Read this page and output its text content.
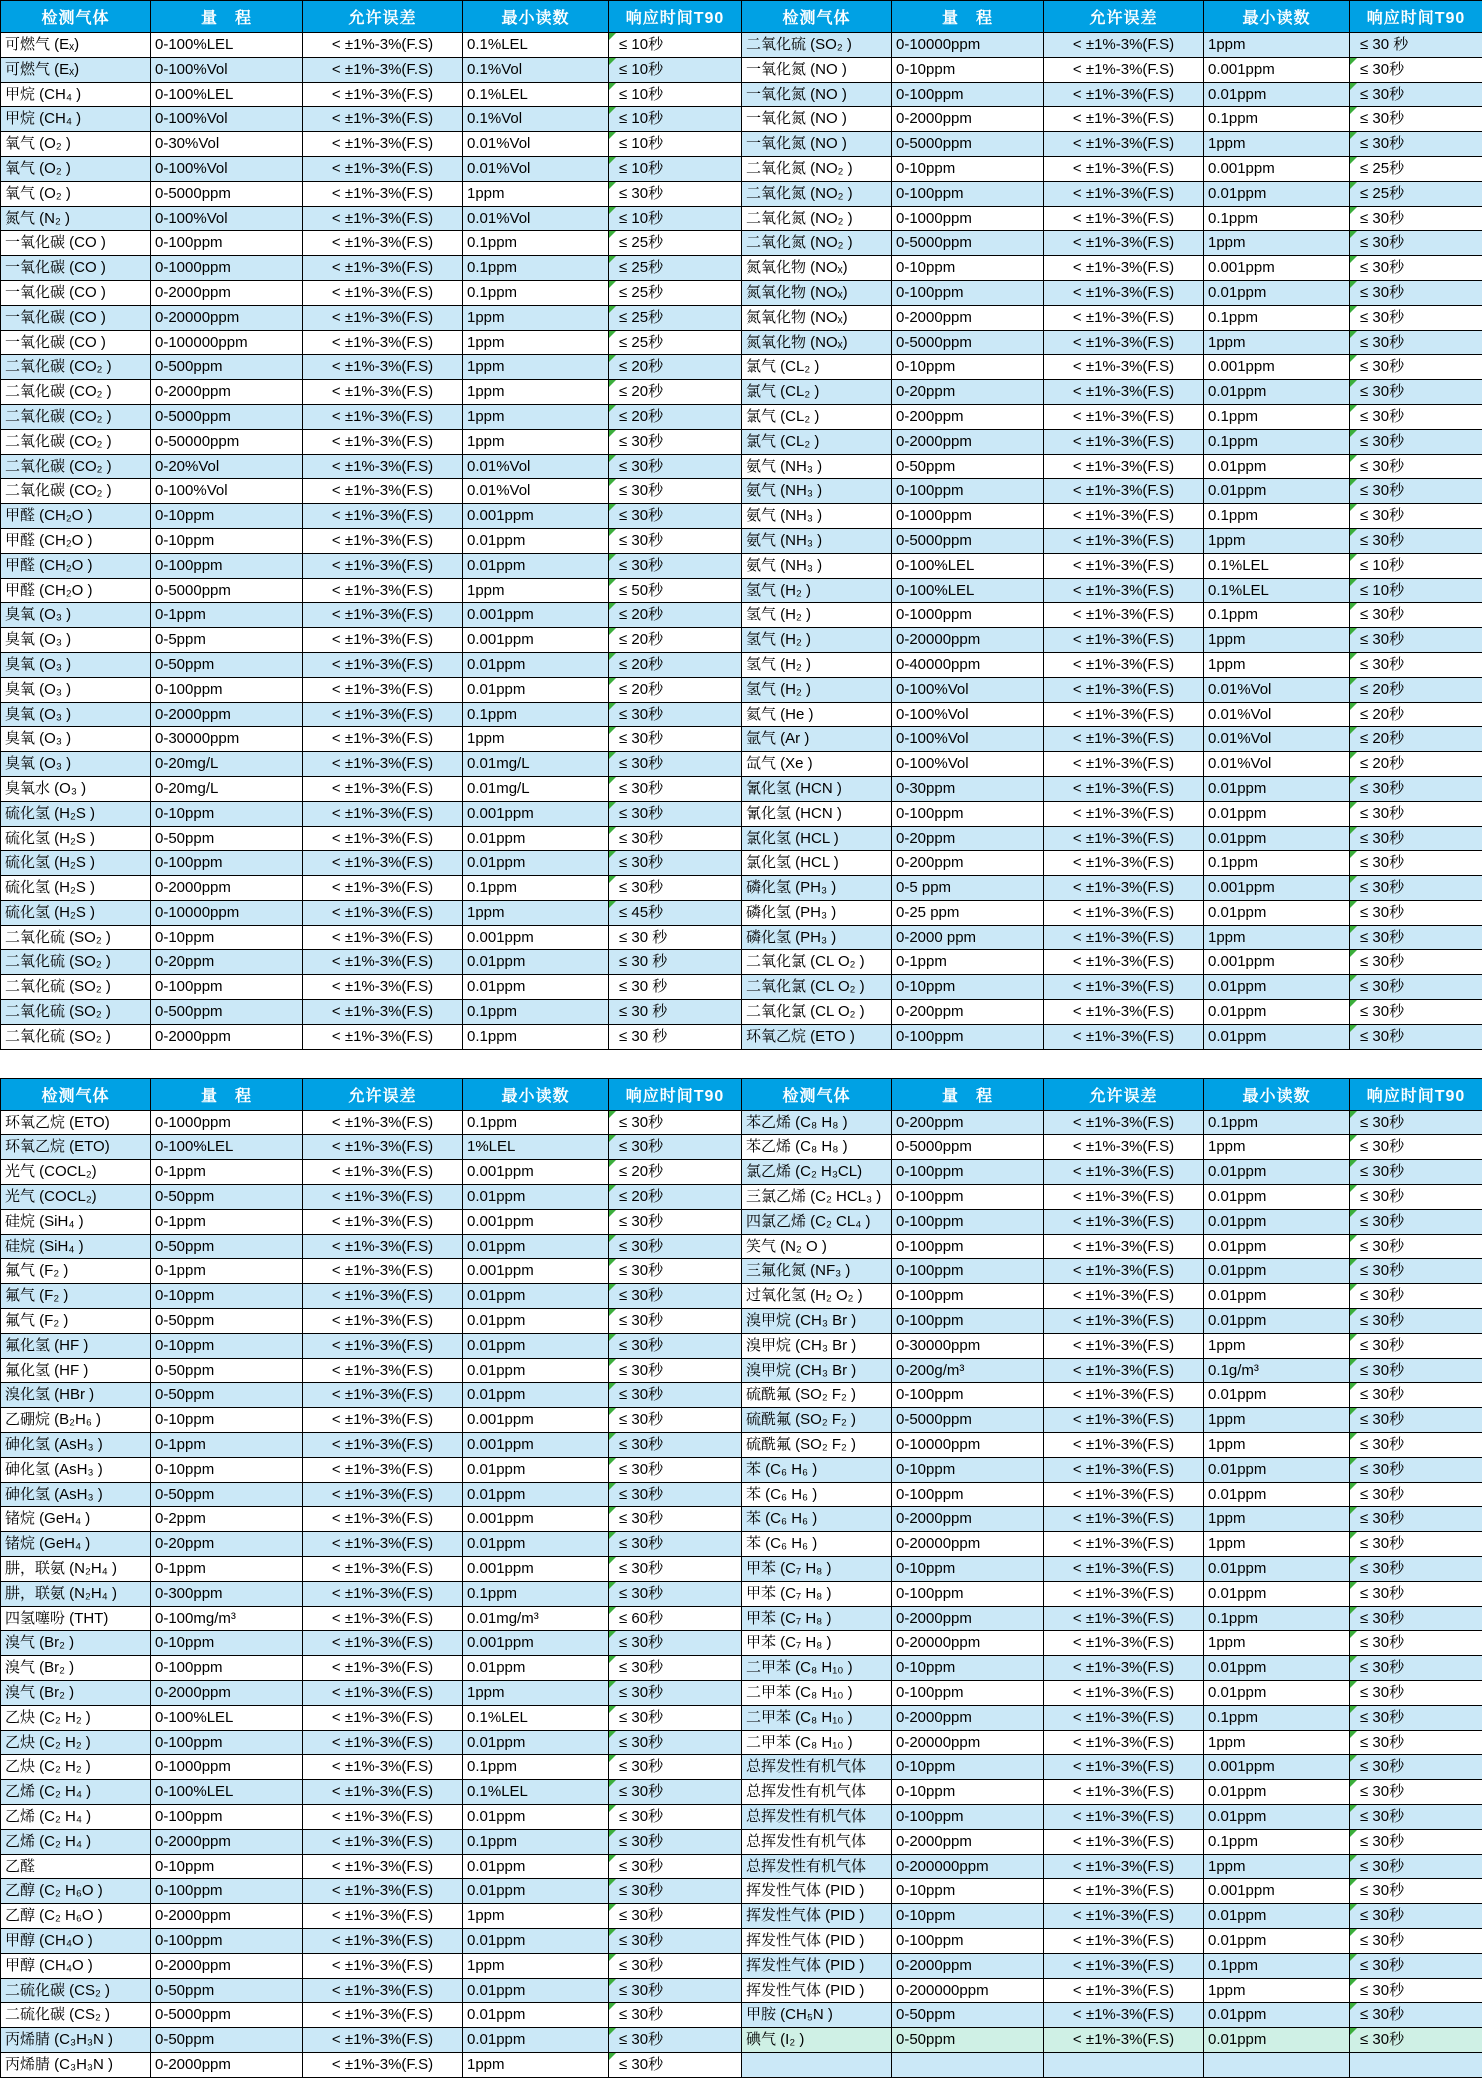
检测气体	量　程	允许误差	最小读数	响应时间T90
可燃气 (Eₓ)	0-100%LEL	< ±1%-3%(F.S)	0.1%LEL	≤ 10秒

可燃气 (Eₓ)	0-100%Vol	< ±1%-3%(F.S)	0.1%Vol	≤ 10秒

甲烷 (CH₄ )	0-100%LEL	< ±1%-3%(F.S)	0.1%LEL	≤ 10秒

甲烷 (CH₄ )	0-100%Vol	< ±1%-3%(F.S)	0.1%Vol	≤ 10秒

氧气 (O₂ )	0-30%Vol	< ±1%-3%(F.S)	0.01%Vol	≤ 10秒

氧气 (O₂ )	0-100%Vol	< ±1%-3%(F.S)	0.01%Vol	≤ 10秒

氧气 (O₂ )	0-5000ppm	< ±1%-3%(F.S)	1ppm	≤ 30秒

氮气 (N₂ )	0-100%Vol	< ±1%-3%(F.S)	0.01%Vol	≤ 10秒

一氧化碳 (CO )	0-100ppm	< ±1%-3%(F.S)	0.1ppm	≤ 25秒

一氧化碳 (CO )	0-1000ppm	< ±1%-3%(F.S)	0.1ppm	≤ 25秒

一氧化碳 (CO )	0-2000ppm	< ±1%-3%(F.S)	0.1ppm	≤ 25秒

一氧化碳 (CO )	0-20000ppm	< ±1%-3%(F.S)	1ppm	≤ 25秒

一氧化碳 (CO )	0-100000ppm	< ±1%-3%(F.S)	1ppm	≤ 25秒

二氧化碳 (CO₂ )	0-500ppm	< ±1%-3%(F.S)	1ppm	≤ 20秒

二氧化碳 (CO₂ )	0-2000ppm	< ±1%-3%(F.S)	1ppm	≤ 20秒

二氧化碳 (CO₂ )	0-5000ppm	< ±1%-3%(F.S)	1ppm	≤ 20秒

二氧化碳 (CO₂ )	0-50000ppm	< ±1%-3%(F.S)	1ppm	≤ 30秒

二氧化碳 (CO₂ )	0-20%Vol	< ±1%-3%(F.S)	0.01%Vol	≤ 30秒

二氧化碳 (CO₂ )	0-100%Vol	< ±1%-3%(F.S)	0.01%Vol	≤ 30秒

甲醛 (CH₂O )	0-10ppm	< ±1%-3%(F.S)	0.001ppm	≤ 30秒

甲醛 (CH₂O )	0-10ppm	< ±1%-3%(F.S)	0.01ppm	≤ 30秒

甲醛 (CH₂O )	0-100ppm	< ±1%-3%(F.S)	0.01ppm	≤ 30秒

甲醛 (CH₂O )	0-5000ppm	< ±1%-3%(F.S)	1ppm	≤ 50秒

臭氧 (O₃ )	0-1ppm	< ±1%-3%(F.S)	0.001ppm	≤ 20秒

臭氧 (O₃ )	0-5ppm	< ±1%-3%(F.S)	0.001ppm	≤ 20秒

臭氧 (O₃ )	0-50ppm	< ±1%-3%(F.S)	0.01ppm	≤ 20秒

臭氧 (O₃ )	0-100ppm	< ±1%-3%(F.S)	0.01ppm	≤ 20秒

臭氧 (O₃ )	0-2000ppm	< ±1%-3%(F.S)	0.1ppm	≤ 30秒

臭氧 (O₃ )	0-30000ppm	< ±1%-3%(F.S)	1ppm	≤ 30秒

臭氧 (O₃ )	0-20mg/L	< ±1%-3%(F.S)	0.01mg/L	≤ 30秒

臭氧水 (O₃ )	0-20mg/L	< ±1%-3%(F.S)	0.01mg/L	≤ 30秒

硫化氢 (H₂S )	0-10ppm	< ±1%-3%(F.S)	0.001ppm	≤ 30秒

硫化氢 (H₂S )	0-50ppm	< ±1%-3%(F.S)	0.01ppm	≤ 30秒

硫化氢 (H₂S )	0-100ppm	< ±1%-3%(F.S)	0.01ppm	≤ 30秒

硫化氢 (H₂S )	0-2000ppm	< ±1%-3%(F.S)	0.1ppm	≤ 30秒

硫化氢 (H₂S )	0-10000ppm	< ±1%-3%(F.S)	1ppm	≤ 45秒

二氧化硫 (SO₂ )	0-10ppm	< ±1%-3%(F.S)	0.001ppm	≤ 30 秒
二氧化硫 (SO₂ )	0-20ppm	< ±1%-3%(F.S)	0.01ppm	≤ 30 秒
二氧化硫 (SO₂ )	0-100ppm	< ±1%-3%(F.S)	0.01ppm	≤ 30 秒
二氧化硫 (SO₂ )	0-500ppm	< ±1%-3%(F.S)	0.1ppm	≤ 30 秒
二氧化硫 (SO₂ )	0-2000ppm	< ±1%-3%(F.S)	0.1ppm	≤ 30 秒
检测气体	量　程	允许误差	最小读数	响应时间T90
二氧化硫 (SO₂ )	0-10000ppm	< ±1%-3%(F.S)	1ppm	≤ 30 秒
一氧化氮 (NO )	0-10ppm	< ±1%-3%(F.S)	0.001ppm	≤ 30秒

一氧化氮 (NO )	0-100ppm	< ±1%-3%(F.S)	0.01ppm	≤ 30秒

一氧化氮 (NO )	0-2000ppm	< ±1%-3%(F.S)	0.1ppm	≤ 30秒

一氧化氮 (NO )	0-5000ppm	< ±1%-3%(F.S)	1ppm	≤ 30秒

二氧化氮 (NO₂ )	0-10ppm	< ±1%-3%(F.S)	0.001ppm	≤ 25秒

二氧化氮 (NO₂ )	0-100ppm	< ±1%-3%(F.S)	0.01ppm	≤ 25秒

二氧化氮 (NO₂ )	0-1000ppm	< ±1%-3%(F.S)	0.1ppm	≤ 30秒

二氧化氮 (NO₂ )	0-5000ppm	< ±1%-3%(F.S)	1ppm	≤ 30秒

氮氧化物 (NOₓ)	0-10ppm	< ±1%-3%(F.S)	0.001ppm	≤ 30秒

氮氧化物 (NOₓ)	0-100ppm	< ±1%-3%(F.S)	0.01ppm	≤ 30秒

氮氧化物 (NOₓ)	0-2000ppm	< ±1%-3%(F.S)	0.1ppm	≤ 30秒

氮氧化物 (NOₓ)	0-5000ppm	< ±1%-3%(F.S)	1ppm	≤ 30秒

氯气 (CL₂ )	0-10ppm	< ±1%-3%(F.S)	0.001ppm	≤ 30秒

氯气 (CL₂ )	0-20ppm	< ±1%-3%(F.S)	0.01ppm	≤ 30秒

氯气 (CL₂ )	0-200ppm	< ±1%-3%(F.S)	0.1ppm	≤ 30秒

氯气 (CL₂ )	0-2000ppm	< ±1%-3%(F.S)	0.1ppm	≤ 30秒

氨气 (NH₃ )	0-50ppm	< ±1%-3%(F.S)	0.01ppm	≤ 30秒

氨气 (NH₃ )	0-100ppm	< ±1%-3%(F.S)	0.01ppm	≤ 30秒

氨气 (NH₃ )	0-1000ppm	< ±1%-3%(F.S)	0.1ppm	≤ 30秒

氨气 (NH₃ )	0-5000ppm	< ±1%-3%(F.S)	1ppm	≤ 30秒

氨气 (NH₃ )	0-100%LEL	< ±1%-3%(F.S)	0.1%LEL	≤ 10秒

氢气 (H₂ )	0-100%LEL	< ±1%-3%(F.S)	0.1%LEL	≤ 10秒

氢气 (H₂ )	0-1000ppm	< ±1%-3%(F.S)	0.1ppm	≤ 30秒

氢气 (H₂ )	0-20000ppm	< ±1%-3%(F.S)	1ppm	≤ 30秒

氢气 (H₂ )	0-40000ppm	< ±1%-3%(F.S)	1ppm	≤ 30秒

氢气 (H₂ )	0-100%Vol	< ±1%-3%(F.S)	0.01%Vol	≤ 20秒

氦气 (He )	0-100%Vol	< ±1%-3%(F.S)	0.01%Vol	≤ 20秒

氩气 (Ar )	0-100%Vol	< ±1%-3%(F.S)	0.01%Vol	≤ 20秒

氙气 (Xe )	0-100%Vol	< ±1%-3%(F.S)	0.01%Vol	≤ 20秒

氰化氢 (HCN )	0-30ppm	< ±1%-3%(F.S)	0.01ppm	≤ 30秒

氰化氢 (HCN )	0-100ppm	< ±1%-3%(F.S)	0.01ppm	≤ 30秒

氯化氢 (HCL )	0-20ppm	< ±1%-3%(F.S)	0.01ppm	≤ 30秒

氯化氢 (HCL )	0-200ppm	< ±1%-3%(F.S)	0.1ppm	≤ 30秒

磷化氢 (PH₃ )	0-5 ppm	< ±1%-3%(F.S)	0.001ppm	≤ 30秒

磷化氢 (PH₃ )	0-25 ppm	< ±1%-3%(F.S)	0.01ppm	≤ 30秒

磷化氢 (PH₃ )	0-2000 ppm	< ±1%-3%(F.S)	1ppm	≤ 30秒

二氧化氯 (CL O₂ )	0-1ppm	< ±1%-3%(F.S)	0.001ppm	≤ 30秒

二氧化氯 (CL O₂ )	0-10ppm	< ±1%-3%(F.S)	0.01ppm	≤ 30秒

二氧化氯 (CL O₂ )	0-200ppm	< ±1%-3%(F.S)	0.01ppm	≤ 30秒

环氧乙烷 (ETO )	0-100ppm	< ±1%-3%(F.S)	0.01ppm	≤ 30秒
检测气体	量　程	允许误差	最小读数	响应时间T90
环氧乙烷 (ETO)	0-1000ppm	< ±1%-3%(F.S)	0.1ppm	≤ 30秒

环氧乙烷 (ETO)	0-100%LEL	< ±1%-3%(F.S)	1%LEL	≤ 30秒

光气 (COCL₂)	0-1ppm	< ±1%-3%(F.S)	0.001ppm	≤ 20秒

光气 (COCL₂)	0-50ppm	< ±1%-3%(F.S)	0.01ppm	≤ 20秒

硅烷 (SiH₄ )	0-1ppm	< ±1%-3%(F.S)	0.001ppm	≤ 30秒

硅烷 (SiH₄ )	0-50ppm	< ±1%-3%(F.S)	0.01ppm	≤ 30秒

氟气 (F₂ )	0-1ppm	< ±1%-3%(F.S)	0.001ppm	≤ 30秒

氟气 (F₂ )	0-10ppm	< ±1%-3%(F.S)	0.01ppm	≤ 30秒

氟气 (F₂ )	0-50ppm	< ±1%-3%(F.S)	0.01ppm	≤ 30秒

氟化氢 (HF )	0-10ppm	< ±1%-3%(F.S)	0.01ppm	≤ 30秒

氟化氢 (HF )	0-50ppm	< ±1%-3%(F.S)	0.01ppm	≤ 30秒

溴化氢 (HBr )	0-50ppm	< ±1%-3%(F.S)	0.01ppm	≤ 30秒

乙硼烷 (B₂H₆ )	0-10ppm	< ±1%-3%(F.S)	0.001ppm	≤ 30秒

砷化氢 (AsH₃ )	0-1ppm	< ±1%-3%(F.S)	0.001ppm	≤ 30秒

砷化氢 (AsH₃ )	0-10ppm	< ±1%-3%(F.S)	0.01ppm	≤ 30秒

砷化氢 (AsH₃ )	0-50ppm	< ±1%-3%(F.S)	0.01ppm	≤ 30秒

锗烷 (GeH₄ )	0-2ppm	< ±1%-3%(F.S)	0.001ppm	≤ 30秒

锗烷 (GeH₄ )	0-20ppm	< ±1%-3%(F.S)	0.01ppm	≤ 30秒

肼，联氨 (N₂H₄ )	0-1ppm	< ±1%-3%(F.S)	0.001ppm	≤ 30秒

肼，联氨 (N₂H₄ )	0-300ppm	< ±1%-3%(F.S)	0.1ppm	≤ 30秒

四氢噻吩 (THT)	0-100mg/m³	< ±1%-3%(F.S)	0.01mg/m³	≤ 60秒

溴气 (Br₂ )	0-10ppm	< ±1%-3%(F.S)	0.001ppm	≤ 30秒

溴气 (Br₂ )	0-100ppm	< ±1%-3%(F.S)	0.01ppm	≤ 30秒

溴气 (Br₂ )	0-2000ppm	< ±1%-3%(F.S)	1ppm	≤ 30秒

乙炔 (C₂ H₂ )	0-100%LEL	< ±1%-3%(F.S)	0.1%LEL	≤ 30秒

乙炔 (C₂ H₂ )	0-100ppm	< ±1%-3%(F.S)	0.01ppm	≤ 30秒

乙炔 (C₂ H₂ )	0-1000ppm	< ±1%-3%(F.S)	0.1ppm	≤ 30秒

乙烯 (C₂ H₄ )	0-100%LEL	< ±1%-3%(F.S)	0.1%LEL	≤ 30秒

乙烯 (C₂ H₄ )	0-100ppm	< ±1%-3%(F.S)	0.01ppm	≤ 30秒

乙烯 (C₂ H₄ )	0-2000ppm	< ±1%-3%(F.S)	0.1ppm	≤ 30秒

乙醛	0-10ppm	< ±1%-3%(F.S)	0.01ppm	≤ 30秒

乙醇 (C₂ H₆O )	0-100ppm	< ±1%-3%(F.S)	0.01ppm	≤ 30秒

乙醇 (C₂ H₆O )	0-2000ppm	< ±1%-3%(F.S)	1ppm	≤ 30秒

甲醇 (CH₄O )	0-100ppm	< ±1%-3%(F.S)	0.01ppm	≤ 30秒

甲醇 (CH₄O )	0-2000ppm	< ±1%-3%(F.S)	1ppm	≤ 30秒

二硫化碳 (CS₂ )	0-50ppm	< ±1%-3%(F.S)	0.01ppm	≤ 30秒

二硫化碳 (CS₂ )	0-5000ppm	< ±1%-3%(F.S)	0.01ppm	≤ 30秒

丙烯腈 (C₃H₃N )	0-50ppm	< ±1%-3%(F.S)	0.01ppm	≤ 30秒

丙烯腈 (C₃H₃N )	0-2000ppm	< ±1%-3%(F.S)	1ppm	≤ 30秒
检测气体	量　程	允许误差	最小读数	响应时间T90
苯乙烯 (C₈ H₈ )	0-200ppm	< ±1%-3%(F.S)	0.1ppm	≤ 30秒

苯乙烯 (C₈ H₈ )	0-5000ppm	< ±1%-3%(F.S)	1ppm	≤ 30秒

氯乙烯 (C₂ H₃CL)	0-100ppm	< ±1%-3%(F.S)	0.01ppm	≤ 30秒

三氯乙烯 (C₂ HCL₃ )	0-100ppm	< ±1%-3%(F.S)	0.01ppm	≤ 30秒

四氯乙烯 (C₂ CL₄ )	0-100ppm	< ±1%-3%(F.S)	0.01ppm	≤ 30秒

笑气 (N₂ O )	0-100ppm	< ±1%-3%(F.S)	0.01ppm	≤ 30秒

三氟化氮 (NF₃ )	0-100ppm	< ±1%-3%(F.S)	0.01ppm	≤ 30秒

过氧化氢 (H₂ O₂ )	0-100ppm	< ±1%-3%(F.S)	0.01ppm	≤ 30秒

溴甲烷 (CH₃ Br )	0-100ppm	< ±1%-3%(F.S)	0.01ppm	≤ 30秒

溴甲烷 (CH₃ Br )	0-30000ppm	< ±1%-3%(F.S)	1ppm	≤ 30秒

溴甲烷 (CH₃ Br )	0-200g/m³	< ±1%-3%(F.S)	0.1g/m³	≤ 30秒

硫酰氟 (SO₂ F₂ )	0-100ppm	< ±1%-3%(F.S)	0.01ppm	≤ 30秒

硫酰氟 (SO₂ F₂ )	0-5000ppm	< ±1%-3%(F.S)	1ppm	≤ 30秒

硫酰氟 (SO₂ F₂ )	0-10000ppm	< ±1%-3%(F.S)	1ppm	≤ 30秒

苯 (C₆ H₆ )	0-10ppm	< ±1%-3%(F.S)	0.01ppm	≤ 30秒

苯 (C₆ H₆ )	0-100ppm	< ±1%-3%(F.S)	0.01ppm	≤ 30秒

苯 (C₆ H₆ )	0-2000ppm	< ±1%-3%(F.S)	1ppm	≤ 30秒

苯 (C₆ H₆ )	0-20000ppm	< ±1%-3%(F.S)	1ppm	≤ 30秒

甲苯 (C₇ H₈ )	0-10ppm	< ±1%-3%(F.S)	0.01ppm	≤ 30秒

甲苯 (C₇ H₈ )	0-100ppm	< ±1%-3%(F.S)	0.01ppm	≤ 30秒

甲苯 (C₇ H₈ )	0-2000ppm	< ±1%-3%(F.S)	0.1ppm	≤ 30秒

甲苯 (C₇ H₈ )	0-20000ppm	< ±1%-3%(F.S)	1ppm	≤ 30秒

二甲苯 (C₈ H₁₀ )	0-10ppm	< ±1%-3%(F.S)	0.01ppm	≤ 30秒

二甲苯 (C₈ H₁₀ )	0-100ppm	< ±1%-3%(F.S)	0.01ppm	≤ 30秒

二甲苯 (C₈ H₁₀ )	0-2000ppm	< ±1%-3%(F.S)	0.1ppm	≤ 30秒

二甲苯 (C₈ H₁₀ )	0-20000ppm	< ±1%-3%(F.S)	1ppm	≤ 30秒

总挥发性有机气体	0-10ppm	< ±1%-3%(F.S)	0.001ppm	≤ 30秒

总挥发性有机气体	0-10ppm	< ±1%-3%(F.S)	0.01ppm	≤ 30秒

总挥发性有机气体	0-100ppm	< ±1%-3%(F.S)	0.01ppm	≤ 30秒

总挥发性有机气体	0-2000ppm	< ±1%-3%(F.S)	0.1ppm	≤ 30秒

总挥发性有机气体	0-200000ppm	< ±1%-3%(F.S)	1ppm	≤ 30秒

挥发性气体 (PID )	0-10ppm	< ±1%-3%(F.S)	0.001ppm	≤ 30秒

挥发性气体 (PID )	0-10ppm	< ±1%-3%(F.S)	0.01ppm	≤ 30秒

挥发性气体 (PID )	0-100ppm	< ±1%-3%(F.S)	0.01ppm	≤ 30秒

挥发性气体 (PID )	0-2000ppm	< ±1%-3%(F.S)	0.1ppm	≤ 30秒

挥发性气体 (PID )	0-200000ppm	< ±1%-3%(F.S)	1ppm	≤ 30秒

甲胺 (CH₅N )	0-50ppm	< ±1%-3%(F.S)	0.01ppm	≤ 30秒

碘气 (I₂ )	0-50ppm	< ±1%-3%(F.S)	0.01ppm	≤ 30秒
